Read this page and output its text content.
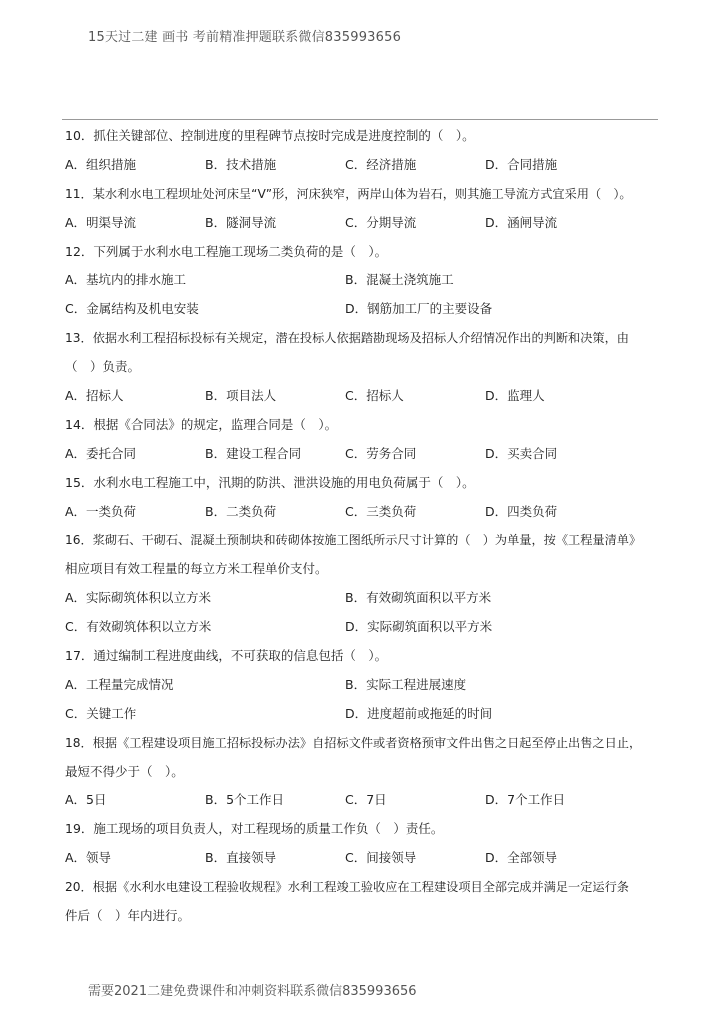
15天过二建 画书 考前精准押题联系微信835993656
10．抓住关键部位、控制进度的里程碑节点按时完成是进度控制的（　）。
A．组织措施	B．技术措施	C．经济措施	D．合同措施
11．某水利水电工程坝址处河床呈“V”形，河床狭窄，两岸山体为岩石，则其施工导流方式宜采用（　）。
A．明渠导流	B．隧洞导流	C．分期导流	D．涵闸导流
12．下列属于水利水电工程施工现场二类负荷的是（　）。
A．基坑内的排水施工	B．混凝土浇筑施工
C．金属结构及机电安装	D．钢筋加工厂的主要设备
13．依据水利工程招标投标有关规定，潜在投标人依据踏勘现场及招标人介绍情况作出的判断和决策，由
（　）负责。
A．招标人	B．项目法人	C．招标人	D．监理人
14．根据《合同法》的规定，监理合同是（　）。
A．委托合同	B．建设工程合同	C．劳务合同	D．买卖合同
15．水利水电工程施工中，汛期的防洪、泄洪设施的用电负荷属于（　）。
A．一类负荷	B．二类负荷	C．三类负荷	D．四类负荷
16．浆砌石、干砌石、混凝土预制块和砖砌体按施工图纸所示尺寸计算的（　）为单量，按《工程量清单》
相应项目有效工程量的每立方米工程单价支付。
A．实际砌筑体积以立方米	B．有效砌筑面积以平方米
C．有效砌筑体积以立方米	D．实际砌筑面积以平方米
17．通过编制工程进度曲线，不可获取的信息包括（　）。
A．工程量完成情况	B．实际工程进展速度
C．关键工作	D．进度超前或拖延的时间
18．根据《工程建设项目施工招标投标办法》自招标文件或者资格预审文件出售之日起至停止出售之日止，
最短不得少于（　）。
A．5日	B．5个工作日	C．7日	D．7个工作日
19．施工现场的项目负责人，对工程现场的质量工作负（　）责任。
A．领导	B．直接领导	C．间接领导	D．全部领导
20．根据《水利水电建设工程验收规程》水利工程竣工验收应在工程建设项目全部完成并满足一定运行条
件后（　）年内进行。
需要2021二建免费课件和冲刺资料联系微信835993656
